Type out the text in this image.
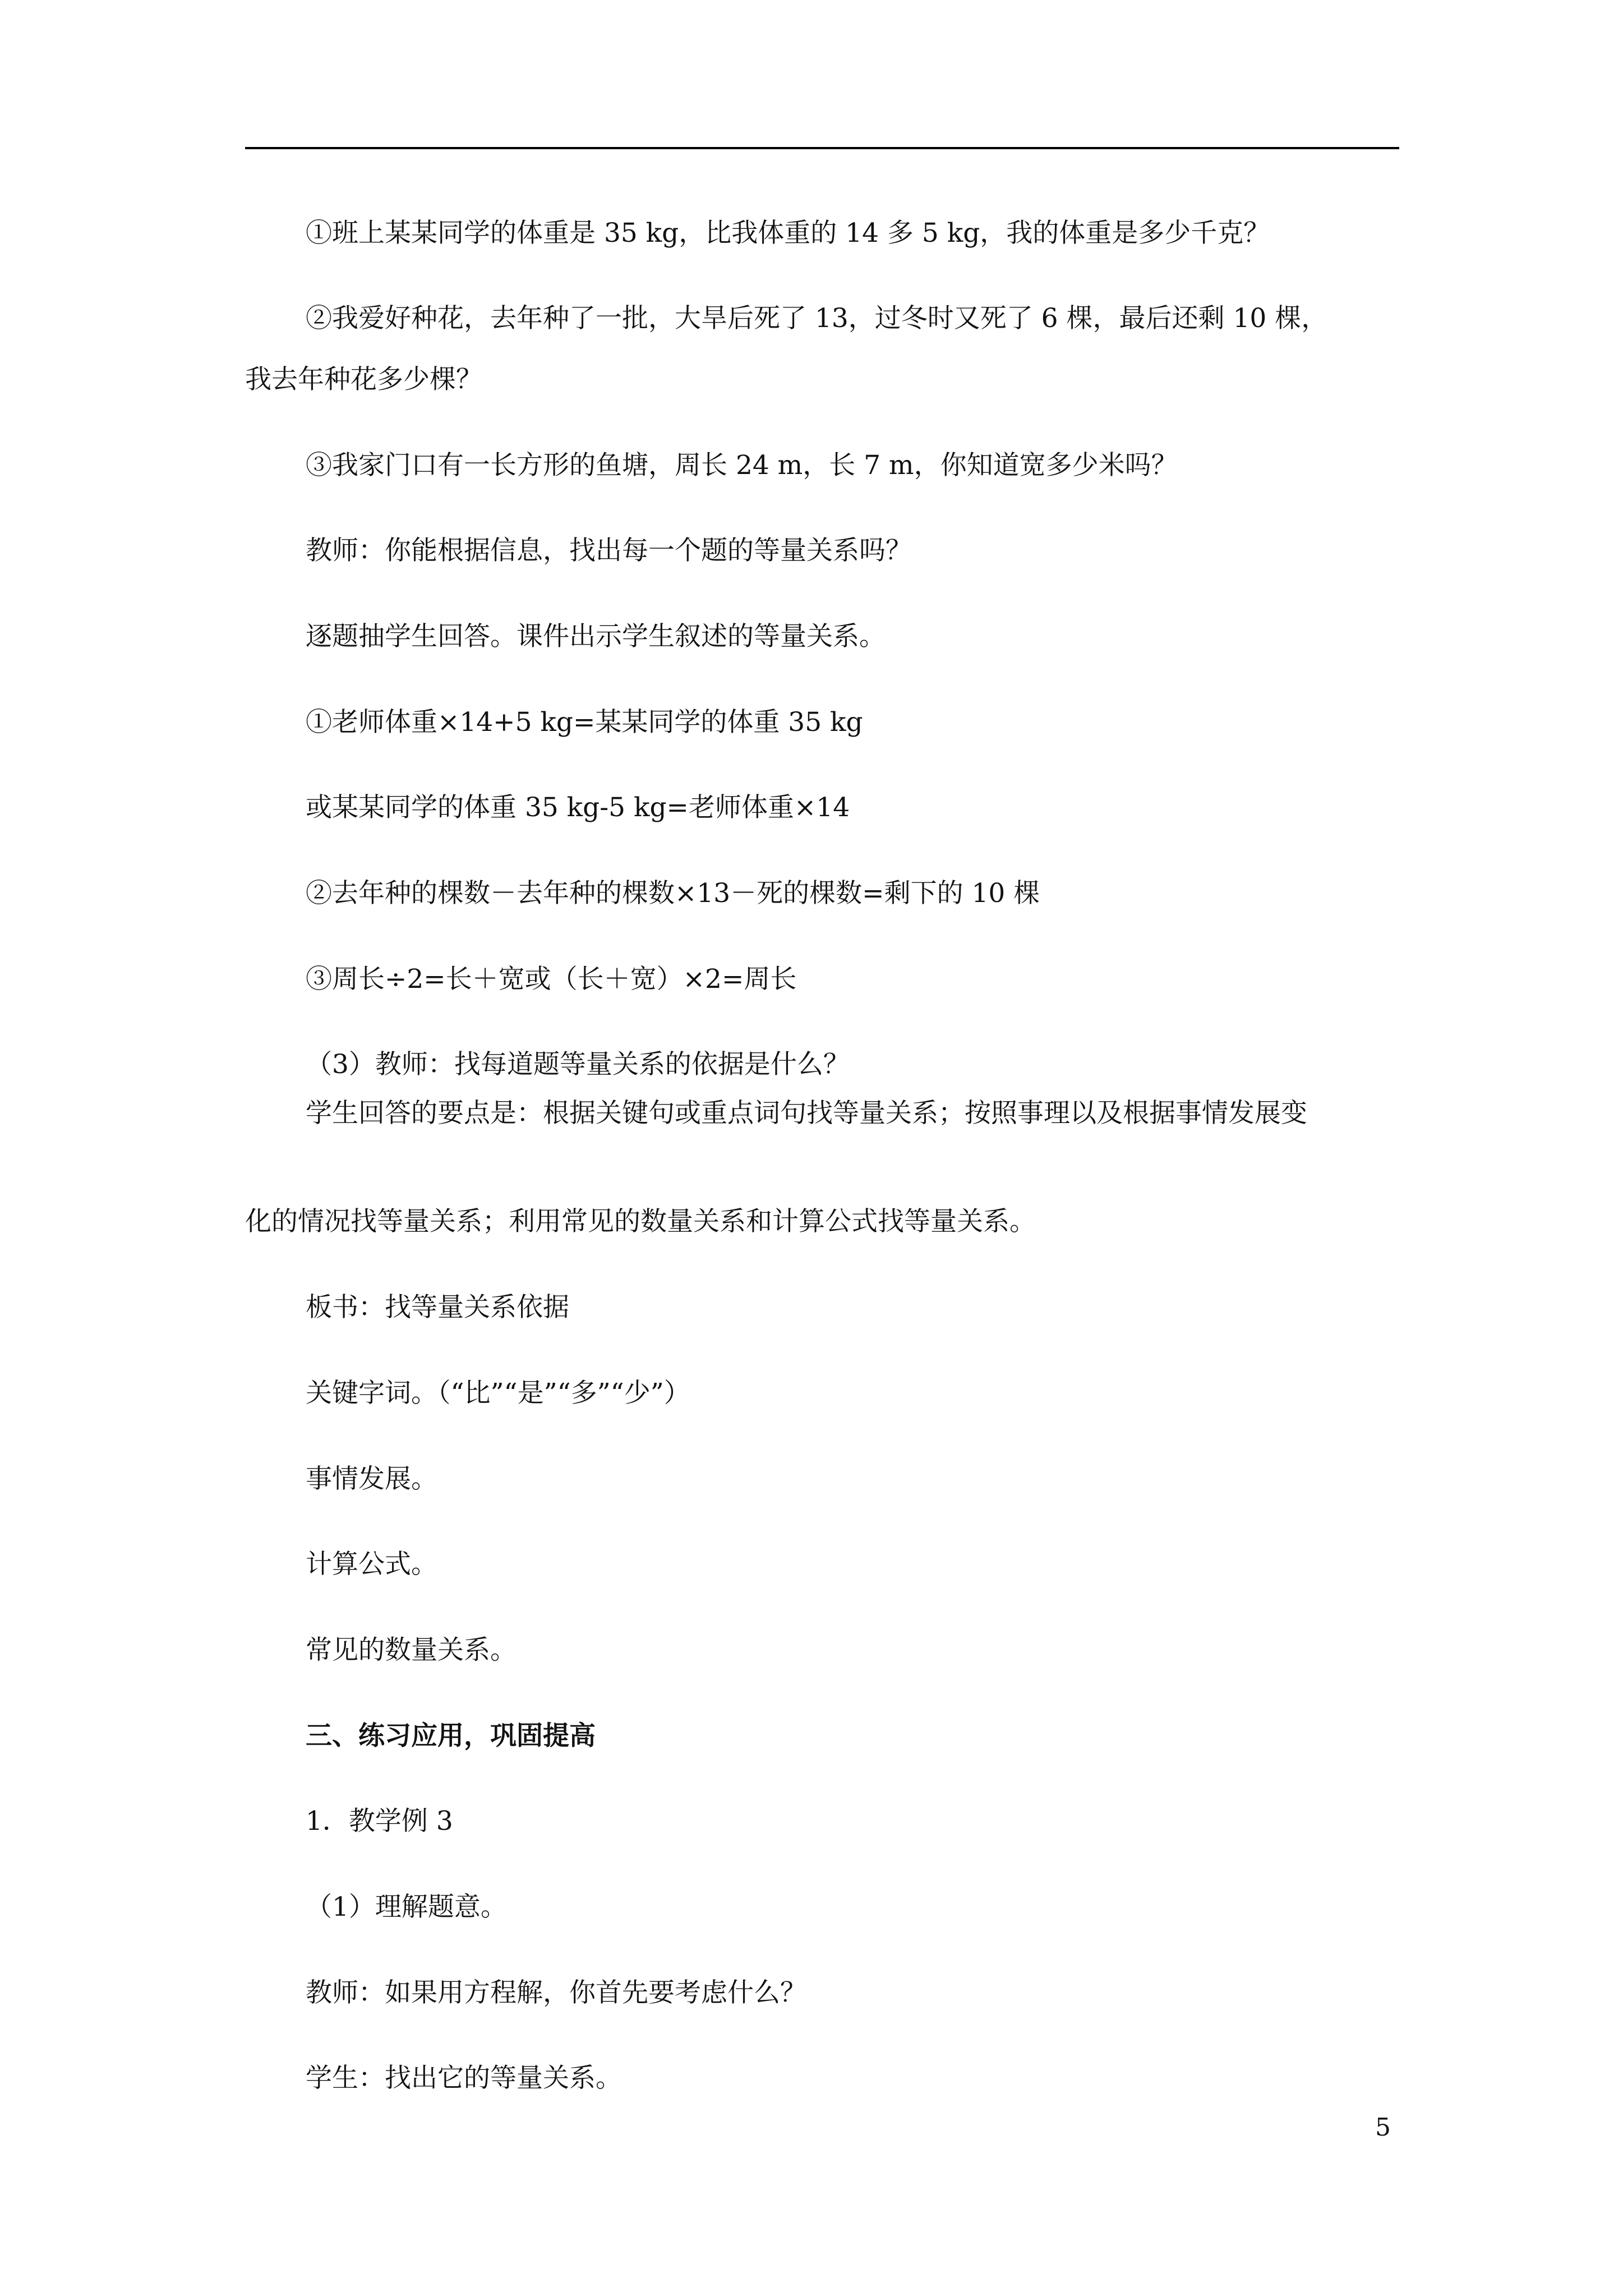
①班上某某同学的体重是 35 kg，比我体重的 14 多 5 kg，我的体重是多少千克？
②我爱好种花，去年种了一批，大旱后死了 13，过冬时又死了 6 棵，最后还剩 10 棵，
我去年种花多少棵？
③我家门口有一长方形的鱼塘，周长 24 m，长 7 m，你知道宽多少米吗？
教师：你能根据信息，找出每一个题的等量关系吗？
逐题抽学生回答。课件出示学生叙述的等量关系。
①老师体重×14+5 kg=某某同学的体重 35 kg
或某某同学的体重 35 kg-5 kg=老师体重×14
②去年种的棵数－去年种的棵数×13－死的棵数=剩下的 10 棵
③周长÷2=长＋宽或（长＋宽）×2=周长
（3）教师：找每道题等量关系的依据是什么？
学生回答的要点是：根据关键句或重点词句找等量关系；按照事理以及根据事情发展变
化的情况找等量关系；利用常见的数量关系和计算公式找等量关系。
板书：找等量关系依据
关键字词。（“比”“是”“多”“少”）
事情发展。
计算公式。
常见的数量关系。
三、练习应用，巩固提高
1．教学例 3
（1）理解题意。
教师：如果用方程解，你首先要考虑什么？
学生：找出它的等量关系。
5
